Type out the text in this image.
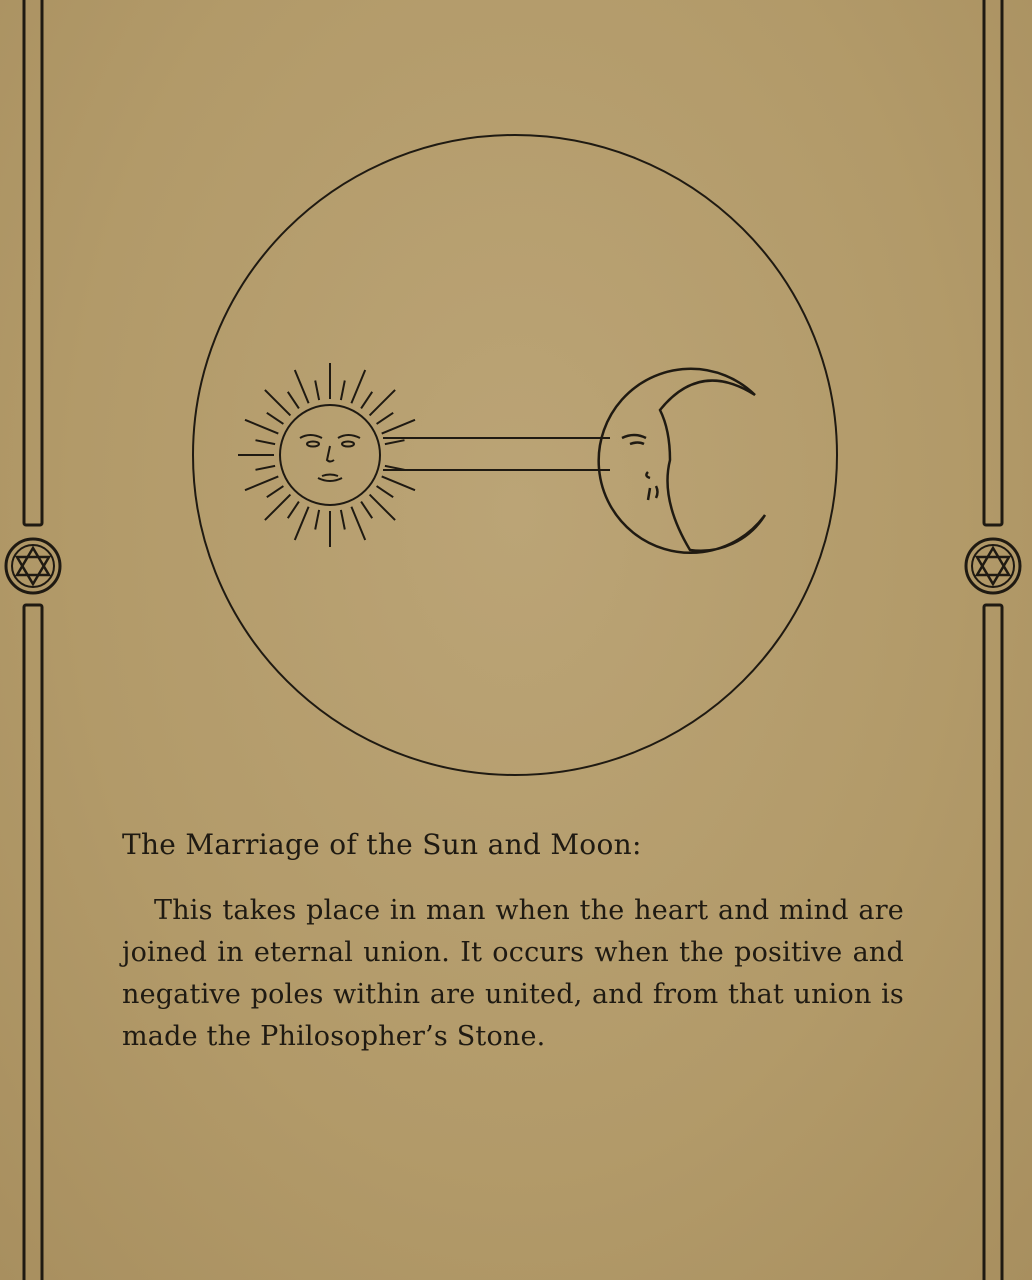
The Marriage of the Sun and Moon:

This takes place in man when the heart and mind are joined in eternal union. It occurs when the positive and negative poles within are united, and from that union is made the Philosopher’s Stone.
